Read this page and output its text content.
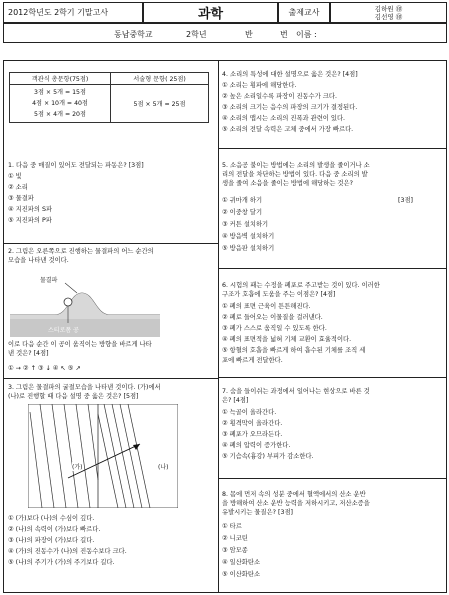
2012학년도 2학기 기말고사	과학	출제교사	김하원 ㊞
김선영 ㊞
동남중학교	2학년	반	번 이름 :
객관식 총문항(75점)	서술형 문항( 25점)

3점 × 5개 = 15점
4점 × 10개 = 40점
5점 × 4개 = 20점	5점 × 5개 = 25점
1. 다음 중 매질이 있어도 전달되는 파동은? [3점]
① 빛
② 소리
③ 물결파
④ 지진파의 S파
⑤ 지진파의 P파
2. 그림은 오른쪽으로 진행하는 물결파의 어느 순간의
모습을 나타낸 것이다.
물결파
스티로폼 공
이로 다음 순간 이 공이 움직이는 방향을 바르게 나타
낸 것은? [4점]
① → ② ↑ ③ ↓ ④ ↖ ⑤ ↗
3. 그림은 물결파의 굴절모습을 나타낸 것이다. (가)에서
(나)로 진행할 때 다음 설명 중 옳은 것은? [5점]
(가)	(나)
① (가)보다 (나)의 수심이 깊다.
② (나)의 속력이 (가)보다 빠르다.
③ (나)의 파장이 (가)보다 길다.
④ (가)의 진동수가 (나)의 진동수보다 크다.
⑤ (나)의 주기가 (가)의 주기보다 길다.
4. 소리의 특성에 대한 설명으로 옳은 것은? [4점]
① 소리는 횡파에 해당한다.
② 높은 소리일수록 파장이 진동수가 크다.
③ 소리의 크기는 음수의 파장의 크기가 결정된다.
④ 소리의 맵시는 소리의 진폭과 관련이 있다.
⑤ 소리의 전달 속력은 고체 중에서 가장 빠르다.
5. 소음공 불이는 방법에는 소리의 발생을 줄이거나 소
리의 전달을 차단하는 방법이 있다. 다음 중 소리의 발
생을 줄여 소음을 줄이는 방법에 해당하는 것은?
① 귀마개 하기	[3점]
② 이중창 달기
③ 커튼 설치하기
④ 방음벽 설치하기
⑤ 방음판 설치하기
6. 시험의 패는 수정을 폐포로 주고받는 것이 있다. 이러한
구조가 호흡에 도움을 주는 이점은? [4점]
① 폐의 표면 근육이 튼튼해진다.
② 폐로 들어오는 이물질을 걸러낸다.
③ 폐가 스스로 움직일 수 있도록 한다.
④ 폐의 표면적을 넓혀 기체 교환이 효율적이다.
⑤ 항혈의 호흡을 빠르게 하여 흡수된 기체를 조직 세
포에 빠르게 전달한다.
7. 숨을 들이쉬는 과정에서 일어나는 현상으로 바른 것
은? [4점]
① 늑골이 올라간다.
② 횡격막이 올라간다.
③ 폐포가 오므라든다.
④ 폐의 압력이 증가한다.
⑤ 기슴속(흉강) 부피가 감소한다.
8. 몸에 먼저 속의 성분 중에서 혈액에서의 산소 운반
을 방해하여 산소 운반 능력을 저하시키고, 저산소증을
유발시키는 물질은? [3점]
① 타르
② 니코틴
③ 암모종
④ 일산화탄소
⑤ 이산화탄소
